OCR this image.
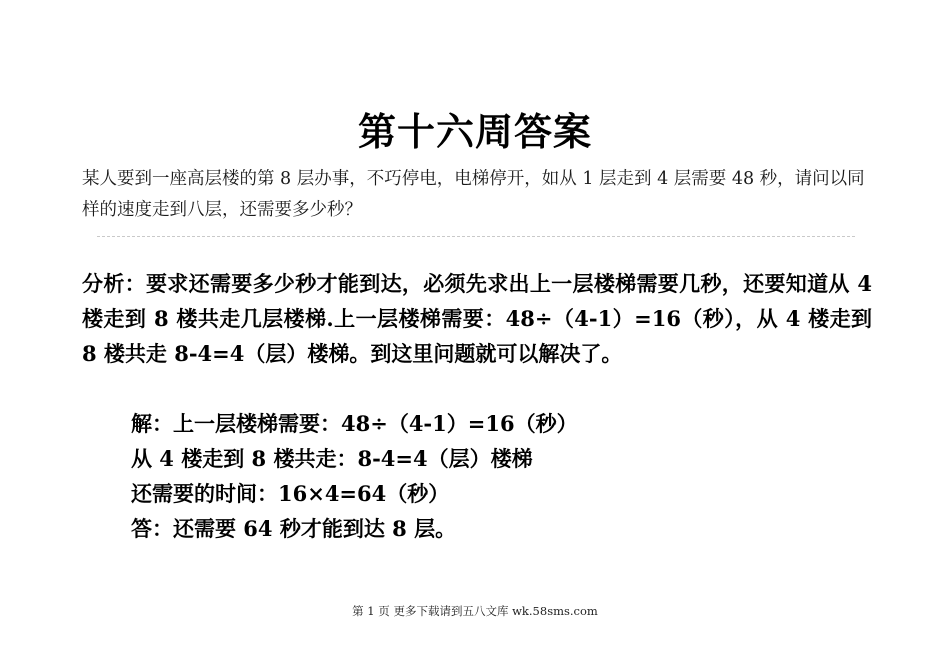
第十六周答案
某人要到一座高层楼的第 8 层办事，不巧停电，电梯停开，如从 1 层走到 4 层需要 48 秒，请问以同样的速度走到八层，还需要多少秒？
分析：要求还需要多少秒才能到达，必须先求出上一层楼梯需要几秒，还要知道从 4 楼走到 8 楼共走几层楼梯.上一层楼梯需要：48÷（4-1）=16（秒），从 4 楼走到 8 楼共走 8-4=4（层）楼梯。到这里问题就可以解决了。
解：上一层楼梯需要：48÷（4-1）=16（秒）
从 4 楼走到 8 楼共走：8-4=4（层）楼梯
还需要的时间：16×4=64（秒）
答：还需要 64 秒才能到达 8 层。
第 1 页 更多下载请到五八文库 wk.58sms.com
